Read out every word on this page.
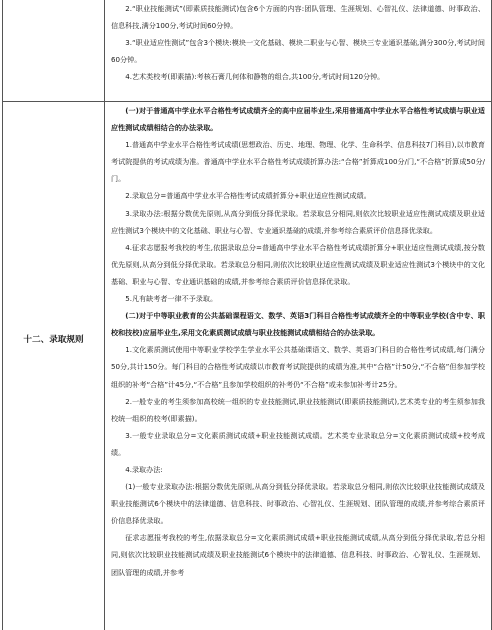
2.“职业技能测试”(即素质技能测试)包含6个方面的内容:团队管理、生涯规划、心智礼仪、法律道德、时事政治、信息科技,满分100分,考试时间60分钟。

3.“职业适应性测试”包含3个模块:模块一文化基础、模块二职业与心智、模块三专业通识基础,满分300分,考试时间60分钟。

4.艺术类校考(即素描):考核石膏几何体和静物的组合,共100分,考试时间120分钟。

十二、录取规则

(一)对于普通高中学业水平合格性考试成绩齐全的高中应届毕业生,采用普通高中学业水平合格性考试成绩与职业适应性测试成绩相结合的办法录取。

1.普通高中学业水平合格性考试成绩(思想政治、历史、地理、物理、化学、生命科学、信息科技7门科目),以市教育考试院提供的考试成绩为准。普通高中学业水平合格性考试成绩折算办法:“合格”折算成100分/门,“不合格”折算成50分/门。

2.录取总分=普通高中学业水平合格性考试成绩折算分+职业适应性测试成绩。

3.录取办法:根据分数优先原则,从高分到低分择优录取。若录取总分相同,则依次比较职业适应性测试成绩及职业适应性测试3个模块中的文化基础、职业与心智、专业通识基础的成绩,并参考综合素质评价信息择优录取。

4.征求志愿报考我校的考生,依据录取总分=普通高中学业水平合格性考试成绩折算分+职业适应性测试成绩,按分数优先原则,从高分到低分择优录取。若录取总分相同,则依次比较职业适应性测试成绩及职业适应性测试3个模块中的文化基础、职业与心智、专业通识基础的成绩,并参考综合素质评价信息择优录取。

5.凡有缺考者一律不予录取。

(二)对于中等职业教育的公共基础课程语文、数学、英语3门科目合格性考试成绩齐全的中等职业学校(含中专、职校和技校)应届毕业生,采用文化素质测试成绩与职业技能测试成绩相结合的办法录取。

1.文化素质测试使用中等职业学校学生学业水平公共基础课语文、数学、英语3门科目的合格性考试成绩,每门满分50分,共计150分。每门科目的合格性考试成绩以市教育考试院提供的成绩为准,其中“合格”计50分,“不合格”但参加学校组织的补考“合格”计45分,“不合格”且参加学校组织的补考仍“不合格”或未参加补考计25分。

2.一般专业的考生须参加高校统一组织的专业技能测试,职业技能测试(即素质技能测试),艺术类专业的考生须参加我校统一组织的校考(即素描)。

3.一般专业录取总分=文化素质测试成绩+职业技能测试成绩。艺术类专业录取总分=文化素质测试成绩+校考成绩。

4.录取办法:

(1)一般专业录取办法:根据分数优先原则,从高分到低分择优录取。若录取总分相同,则依次比较职业技能测试成绩及职业技能测试6个模块中的法律道德、信息科技、时事政治、心智礼仪、生涯规划、团队管理的成绩,并参考综合素质评价信息择优录取。

征求志愿报考我校的考生,依据录取总分=文化素质测试成绩+职业技能测试成绩,从高分到低分择优录取,若总分相同,则依次比较职业技能测试成绩及职业技能测试6个模块中的法律道德、信息科技、时事政治、心智礼仪、生涯规划、团队管理的成绩,并参考
